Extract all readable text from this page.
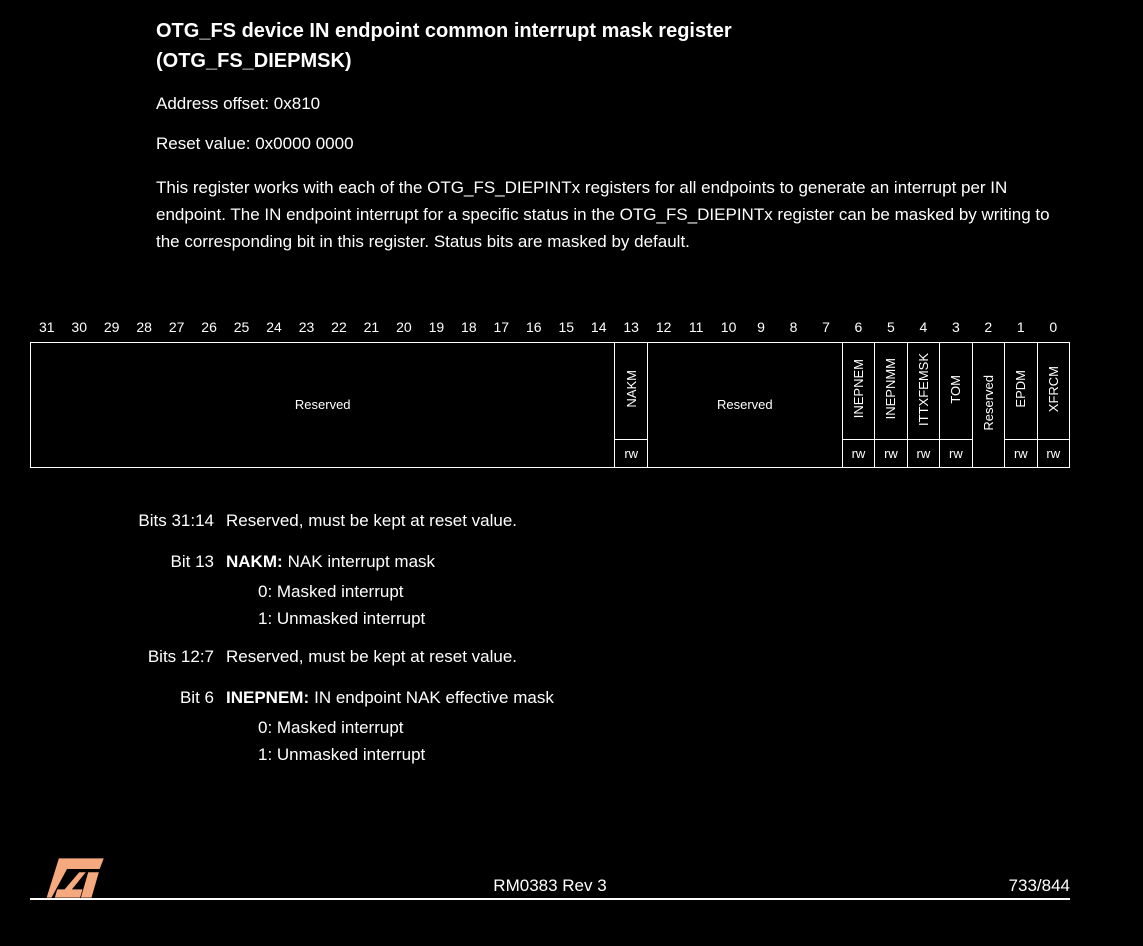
OTG_FS device IN endpoint common interrupt mask register
(OTG_FS_DIEPMSK)
Address offset: 0x810
Reset value: 0x0000 0000
This register works with each of the OTG_FS_DIEPINTx registers for all endpoints to generate an interrupt per IN endpoint. The IN endpoint interrupt for a specific status in the OTG_FS_DIEPINTx register can be masked by writing to the corresponding bit in this register. Status bits are masked by default.
31	30	29	28	27	26	25	24	23	22	21	20	19	18	17	16	15	14	13	12	11	10	9	8	7	6	5	4	3	2	1	0
Reserved																		NAKM	Reserved						INEPNEM	INEPNMM	ITTXFEMSK	TOM	Reserved	EPDM	XFRCM
																		rw							rw	rw	rw	rw		rw	rw
Bits 31:14 Reserved, must be kept at reset value.
Bit 13 NAKM: NAK interrupt mask
0: Masked interrupt
1: Unmasked interrupt
Bits 12:7 Reserved, must be kept at reset value.
Bit 6 INEPNEM: IN endpoint NAK effective mask
0: Masked interrupt
1: Unmasked interrupt
RM0383 Rev 3	733/844
